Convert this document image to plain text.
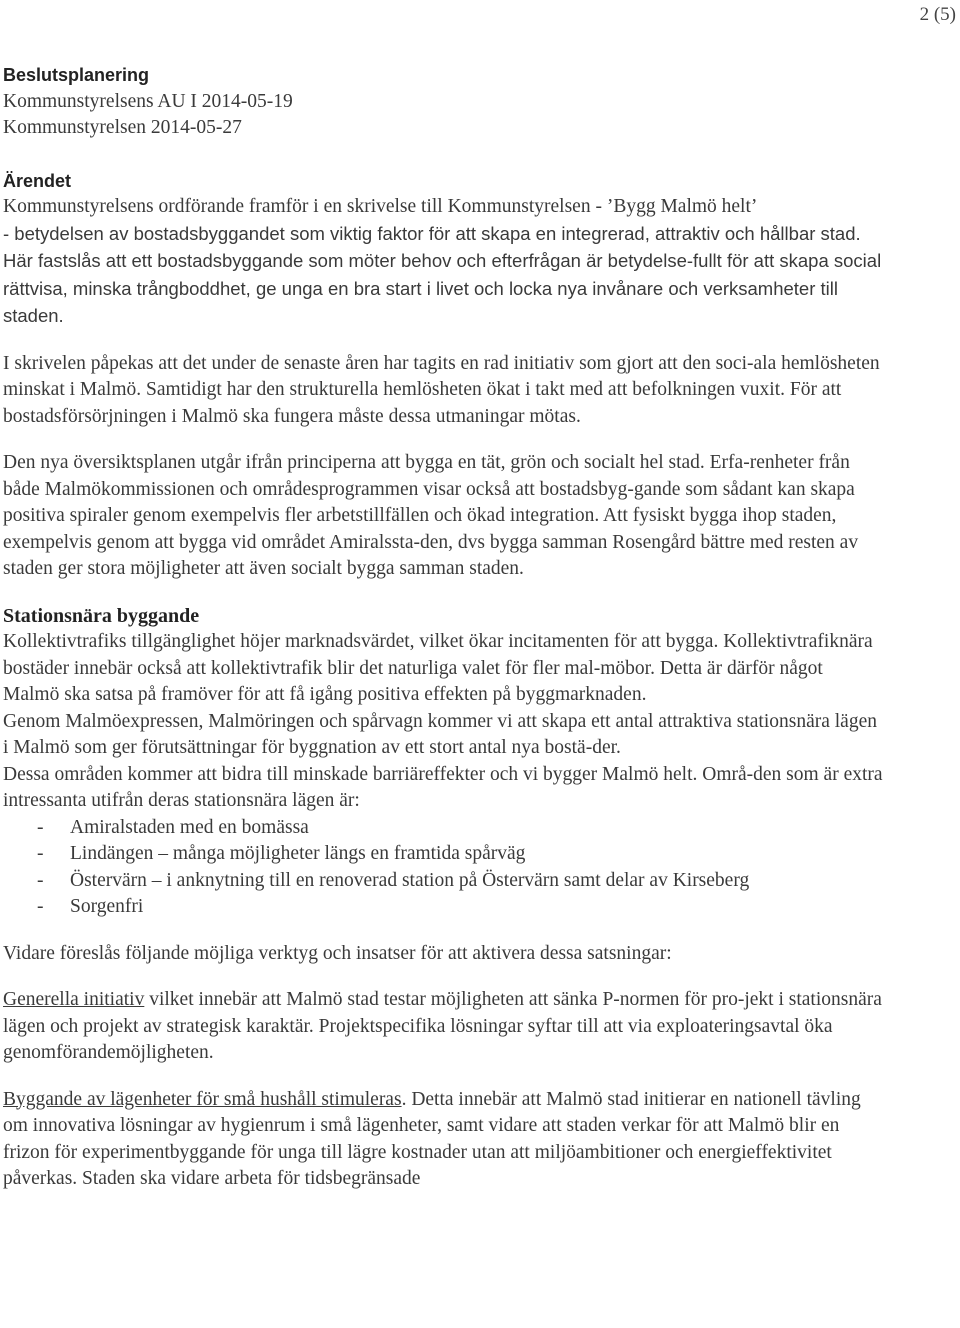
2 (5)
Beslutsplanering
Kommunstyrelsens AU I 2014-05-19
Kommunstyrelsen 2014-05-27
Ärendet

Kommunstyrelsens ordförande framför i en skrivelse till Kommunstyrelsen - ’Bygg Malmö helt’
- betydelsen av bostadsbyggandet som viktig faktor för att skapa en integrerad, attraktiv och hållbar stad. Här fastslås att ett bostadsbyggande som möter behov och efterfrågan är betydelse-fullt för att skapa social rättvisa, minska trångboddhet, ge unga en bra start i livet och locka nya invånare och verksamheter till staden.

I skrivelen påpekas att det under de senaste åren har tagits en rad initiativ som gjort att den soci-ala hemlösheten minskat i Malmö. Samtidigt har den strukturella hemlösheten ökat i takt med att befolkningen vuxit. För att bostadsförsörjningen i Malmö ska fungera måste dessa utmaningar mötas.

Den nya översiktsplanen utgår ifrån principerna att bygga en tät, grön och socialt hel stad. Erfa-renheter från både Malmökommissionen och områdesprogrammen visar också att bostadsbyg-gande som sådant kan skapa positiva spiraler genom exempelvis fler arbetstillfällen och ökad integration. Att fysiskt bygga ihop staden, exempelvis genom att bygga vid området Amiralssta-den, dvs bygga samman Rosengård bättre med resten av staden ger stora möjligheter att även socialt bygga samman staden.

Stationsnära byggande

Kollektivtrafiks tillgänglighet höjer marknadsvärdet, vilket ökar incitamenten för att bygga. Kollektivtrafiknära bostäder innebär också att kollektivtrafik blir det naturliga valet för fler mal-möbor. Detta är därför något Malmö ska satsa på framöver för att få igång positiva effekten på byggmarknaden.

Genom Malmöexpressen, Malmöringen och spårvagn kommer vi att skapa ett antal attraktiva stationsnära lägen i Malmö som ger förutsättningar för byggnation av ett stort antal nya bostä-der.

Dessa områden kommer att bidra till minskade barriäreffekter och vi bygger Malmö helt. Områ-den som är extra intressanta utifrån deras stationsnära lägen är:

- Amiralstaden med en bomässa
- Lindängen – många möjligheter längs en framtida spårväg
- Östervärn – i anknytning till en renoverad station på Östervärn samt delar av Kirseberg
- Sorgenfri

Vidare föreslås följande möjliga verktyg och insatser för att aktivera dessa satsningar:

Generella initiativ vilket innebär att Malmö stad testar möjligheten att sänka P-normen för pro-jekt i stationsnära lägen och projekt av strategisk karaktär. Projektspecifika lösningar syftar till att via exploateringsavtal öka genomförandemöjligheten.

Byggande av lägenheter för små hushåll stimuleras. Detta innebär att Malmö stad initierar en nationell tävling om innovativa lösningar av hygienrum i små lägenheter, samt vidare att staden verkar för att Malmö blir en frizon för experimentbyggande för unga till lägre kostnader utan att miljöambitioner och energieffektivitet påverkas. Staden ska vidare arbeta för tidsbegränsade
